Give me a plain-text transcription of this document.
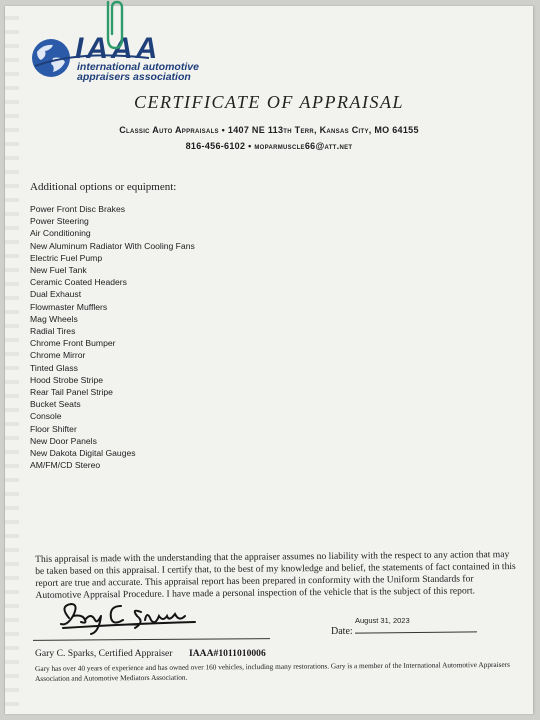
IAAA
international automotive
appraisers association
CERTIFICATE OF APPRAISAL
Classic Auto Appraisals • 1407 NE 113th Terr, Kansas City, MO 64155
816-456-6102 • moparmuscle66@att.net
Additional options or equipment:
Power Front Disc Brakes
Power Steering
Air Conditioning
New Aluminum Radiator With Cooling Fans
Electric Fuel Pump
New Fuel Tank
Ceramic Coated Headers
Dual Exhaust
Flowmaster Mufflers
Mag Wheels
Radial Tires
Chrome Front Bumper
Chrome Mirror
Tinted Glass
Hood Strobe Stripe
Rear Tail Panel Stripe
Bucket Seats
Console
Floor Shifter
New Door Panels
New Dakota Digital Gauges
AM/FM/CD Stereo
This appraisal is made with the understanding that the appraiser assumes no liability with the respect to any action that may be taken based on this appraisal. I certify that, to the best of my knowledge and belief, the statements of fact contained in this report are true and accurate. This appraisal report has been prepared in conformity with the Uniform Standards for Automotive Appraisal Procedure. I have made a personal inspection of the vehicle that is the subject of this report.
August 31, 2023
Date:
Gary C. Sparks, Certified Appraiser IAAA#1011010006
Gary has over 40 years of experience and has owned over 160 vehicles, including many restorations. Gary is a member of the International Automotive Appraisers Association and Automotive Mediators Association.
